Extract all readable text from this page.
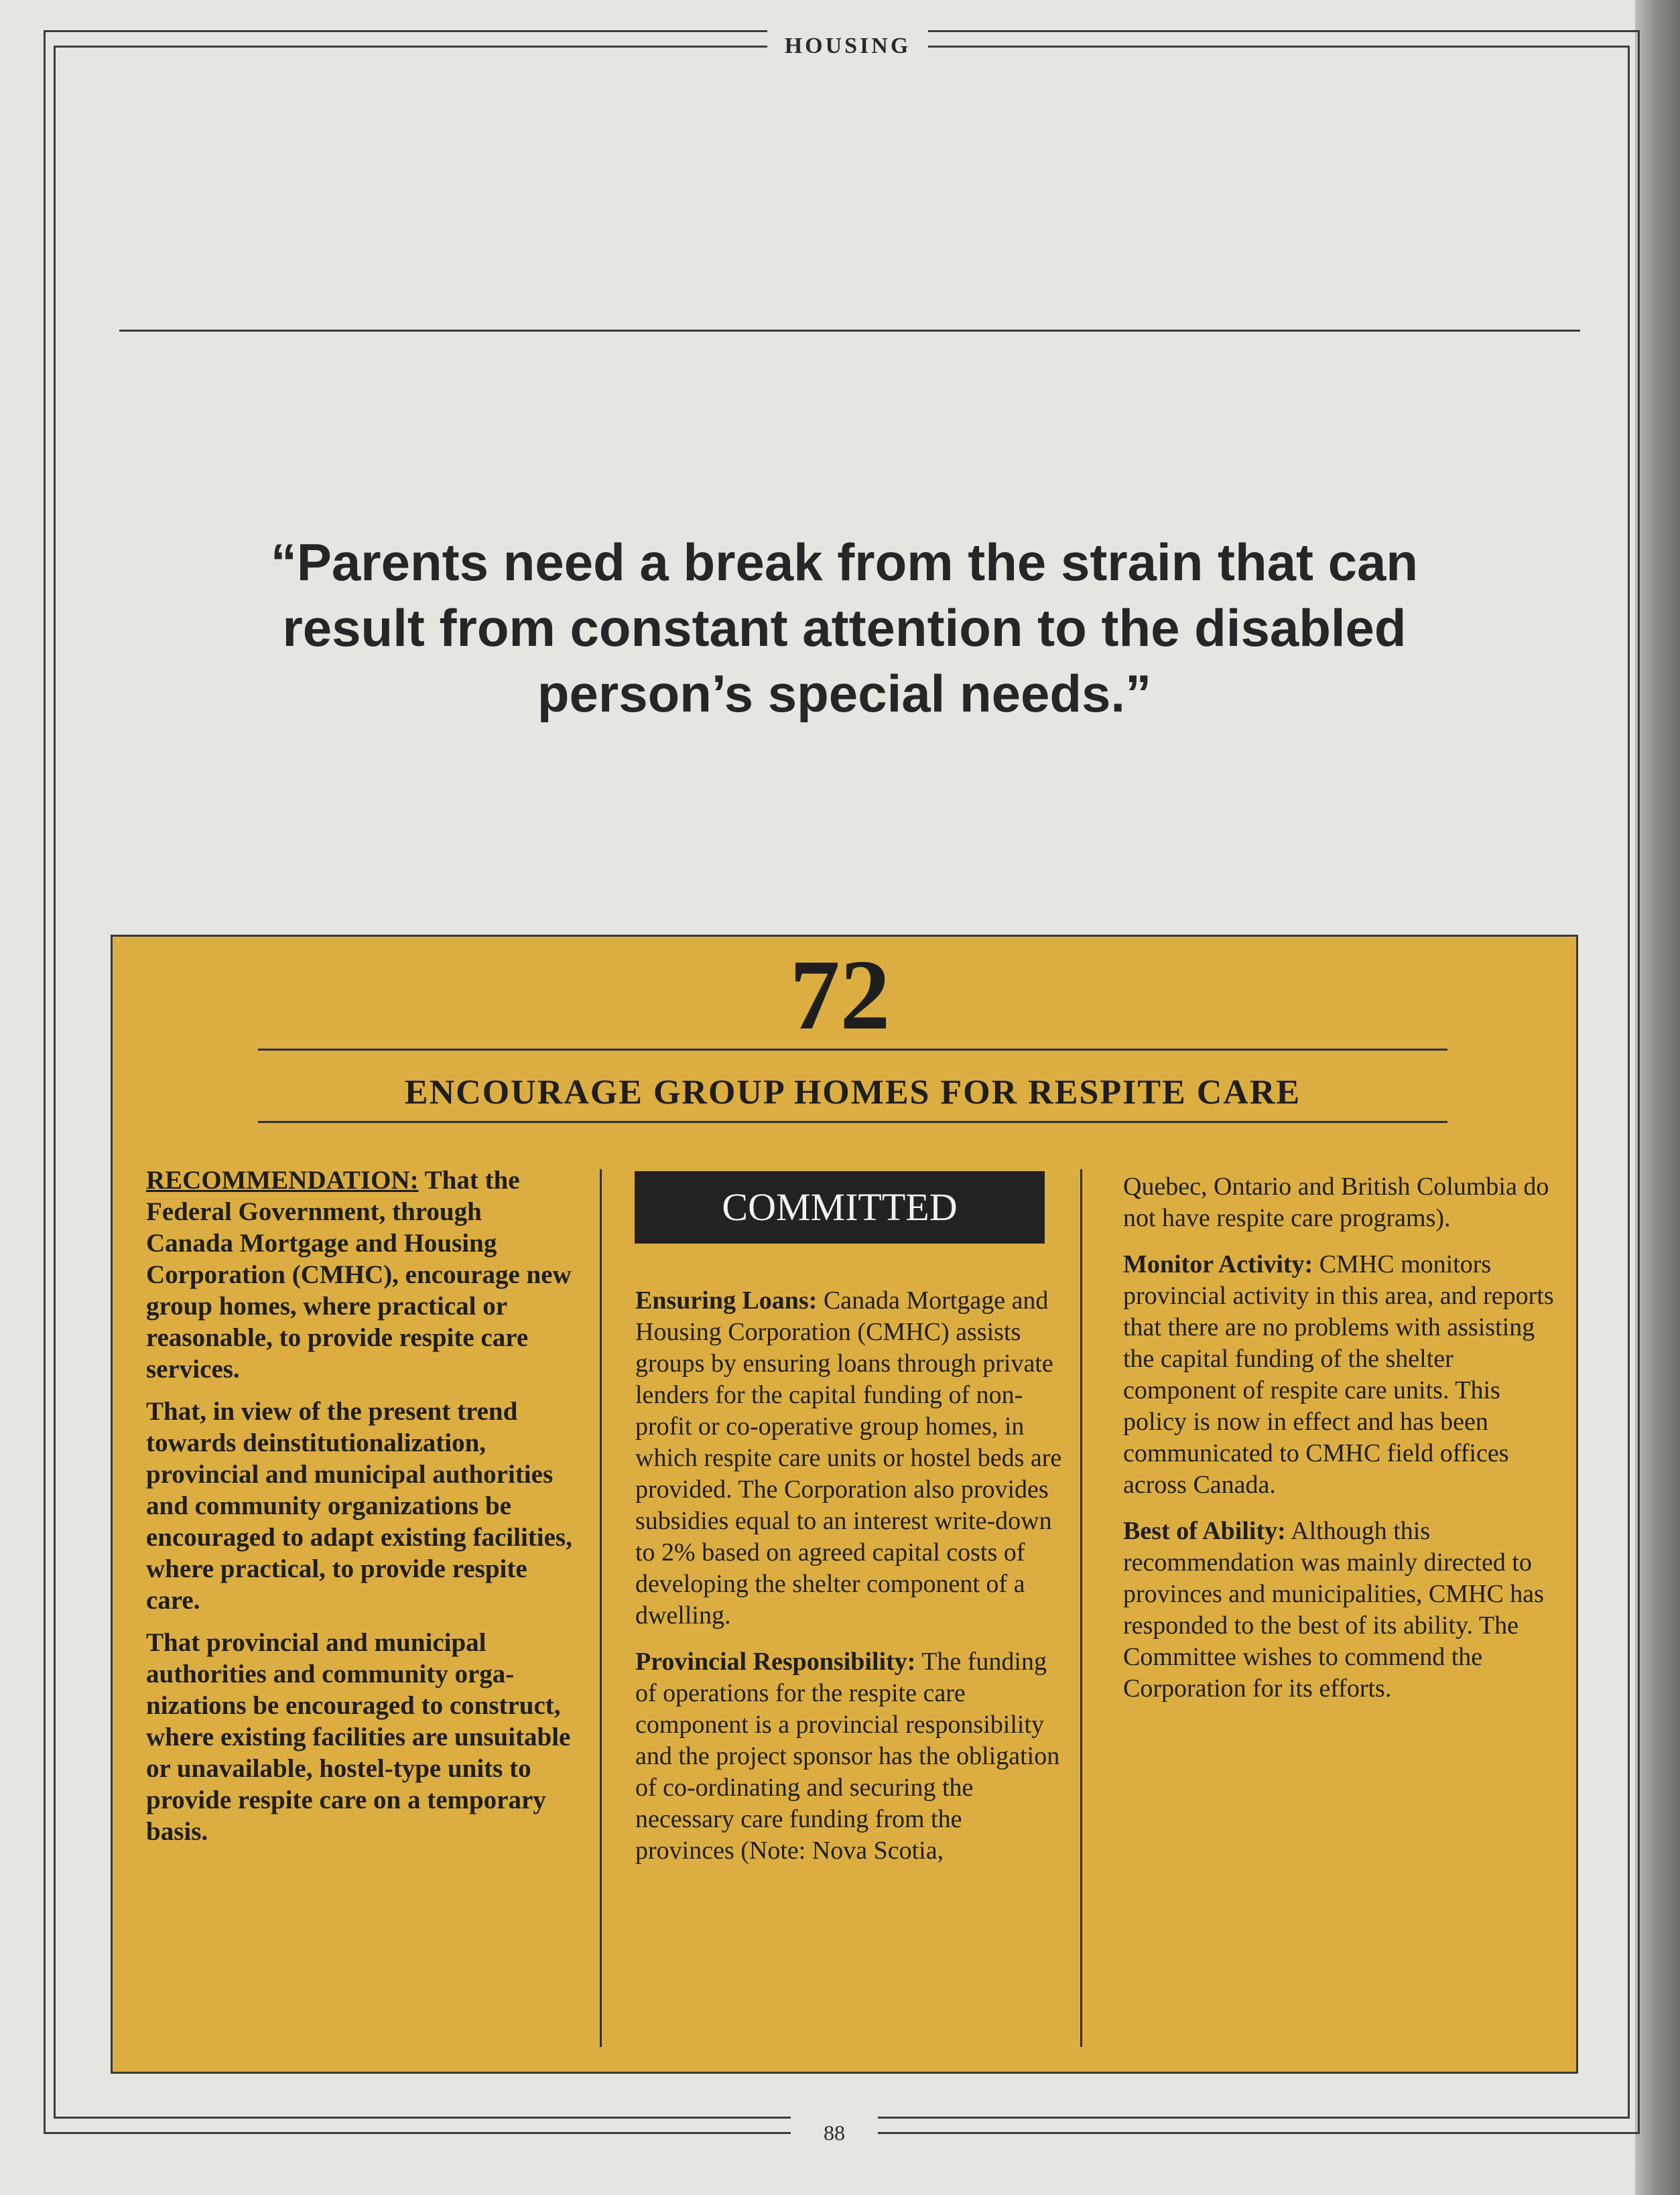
HOUSING

“Parents need a break from the strain that can
result from constant attention to the disabled
person’s special needs.”

72
ENCOURAGE GROUP HOMES FOR RESPITE CARE

RECOMMENDATION: That the Federal Government, through Canada Mortgage and Housing Corporation (CMHC), encourage new group homes, where practical or reasonable, to provide respite care services.

That, in view of the present trend towards deinstitutionalization, provincial and municipal authorities and community organizations be encouraged to adapt existing facilities, where practical, to provide respite care.

That provincial and municipal authorities and community organizations be encouraged to construct, where existing facilities are unsuitable or unavailable, hostel-type units to provide respite care on a temporary basis.

COMMITTED

Ensuring Loans: Canada Mortgage and Housing Corporation (CMHC) assists groups by ensuring loans through private lenders for the capital funding of non-profit or co-operative group homes, in which respite care units or hostel beds are provided. The Corporation also provides subsidies equal to an interest write-down to 2% based on agreed capital costs of developing the shelter component of a dwelling.

Provincial Responsibility: The funding of operations for the respite care component is a provincial responsibility and the project sponsor has the obligation of co-ordinating and securing the necessary care funding from the provinces (Note: Nova Scotia,

Quebec, Ontario and British Columbia do not have respite care programs).

Monitor Activity: CMHC monitors provincial activity in this area, and reports that there are no problems with assisting the capital funding of the shelter component of respite care units. This policy is now in effect and has been communicated to CMHC field offices across Canada.

Best of Ability: Although this recommendation was mainly directed to provinces and municipalities, CMHC has responded to the best of its ability. The Committee wishes to commend the Corporation for its efforts.

88
